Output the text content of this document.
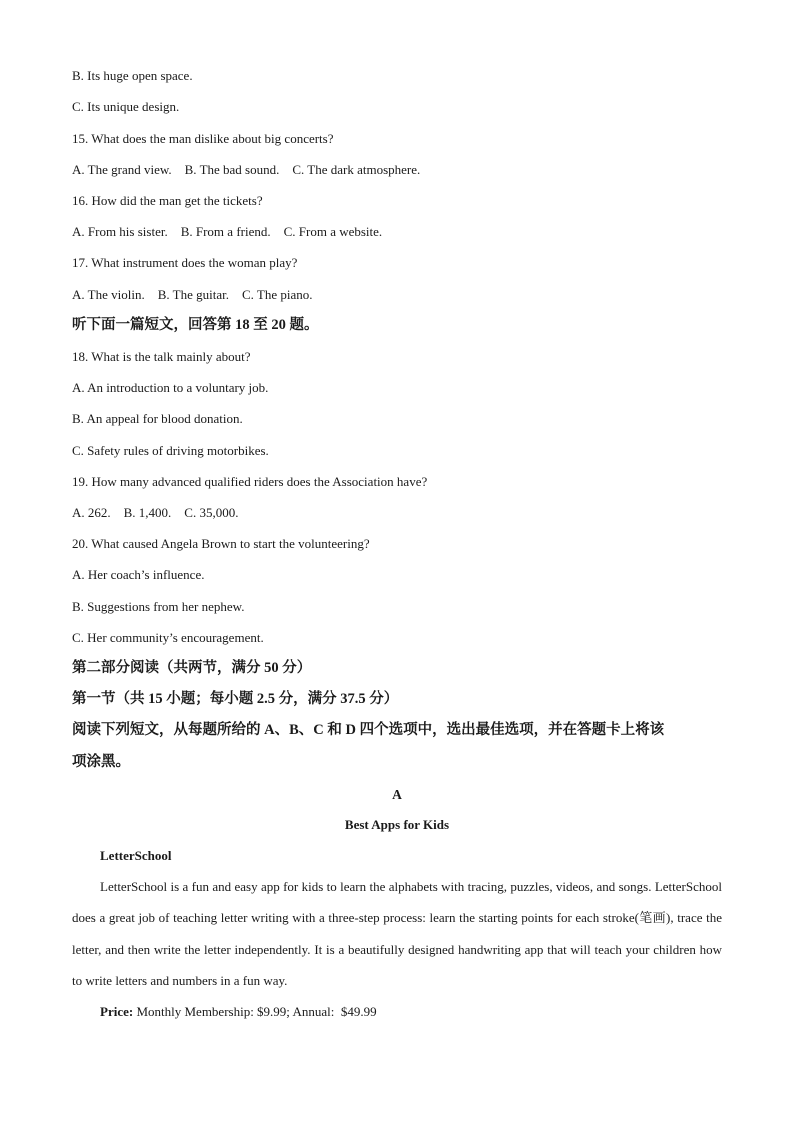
B. Its huge open space.
C. Its unique design.
15. What does the man dislike about big concerts?
A. The grand view.    B. The bad sound.    C. The dark atmosphere.
16. How did the man get the tickets?
A. From his sister.    B. From a friend.    C. From a website.
17. What instrument does the woman play?
A. The violin.    B. The guitar.    C. The piano.
听下面一篇短文，回答第 18 至 20 题。
18. What is the talk mainly about?
A. An introduction to a voluntary job.
B. An appeal for blood donation.
C. Safety rules of driving motorbikes.
19. How many advanced qualified riders does the Association have?
A. 262.    B. 1,400.    C. 35,000.
20. What caused Angela Brown to start the volunteering?
A. Her coach’s influence.
B. Suggestions from her nephew.
C. Her community’s encouragement.
第二部分阅读（共两节，满分 50 分）
第一节（共 15 小题；每小题 2.5 分，满分 37.5 分）
阅读下列短文，从每题所给的 A、B、C 和 D 四个选项中，选出最佳选项，并在答题卡上将该
项涂黑。
A
Best Apps for Kids
LetterSchool
LetterSchool is a fun and easy app for kids to learn the alphabets with tracing, puzzles, videos, and songs. LetterSchool does a great job of teaching letter writing with a three-step process: learn the starting points for each stroke(笔画), trace the letter, and then write the letter independently. It is a beautifully designed handwriting app that will teach your children how to write letters and numbers in a fun way.
Price: Monthly Membership: $9.99; Annual:  $49.99
